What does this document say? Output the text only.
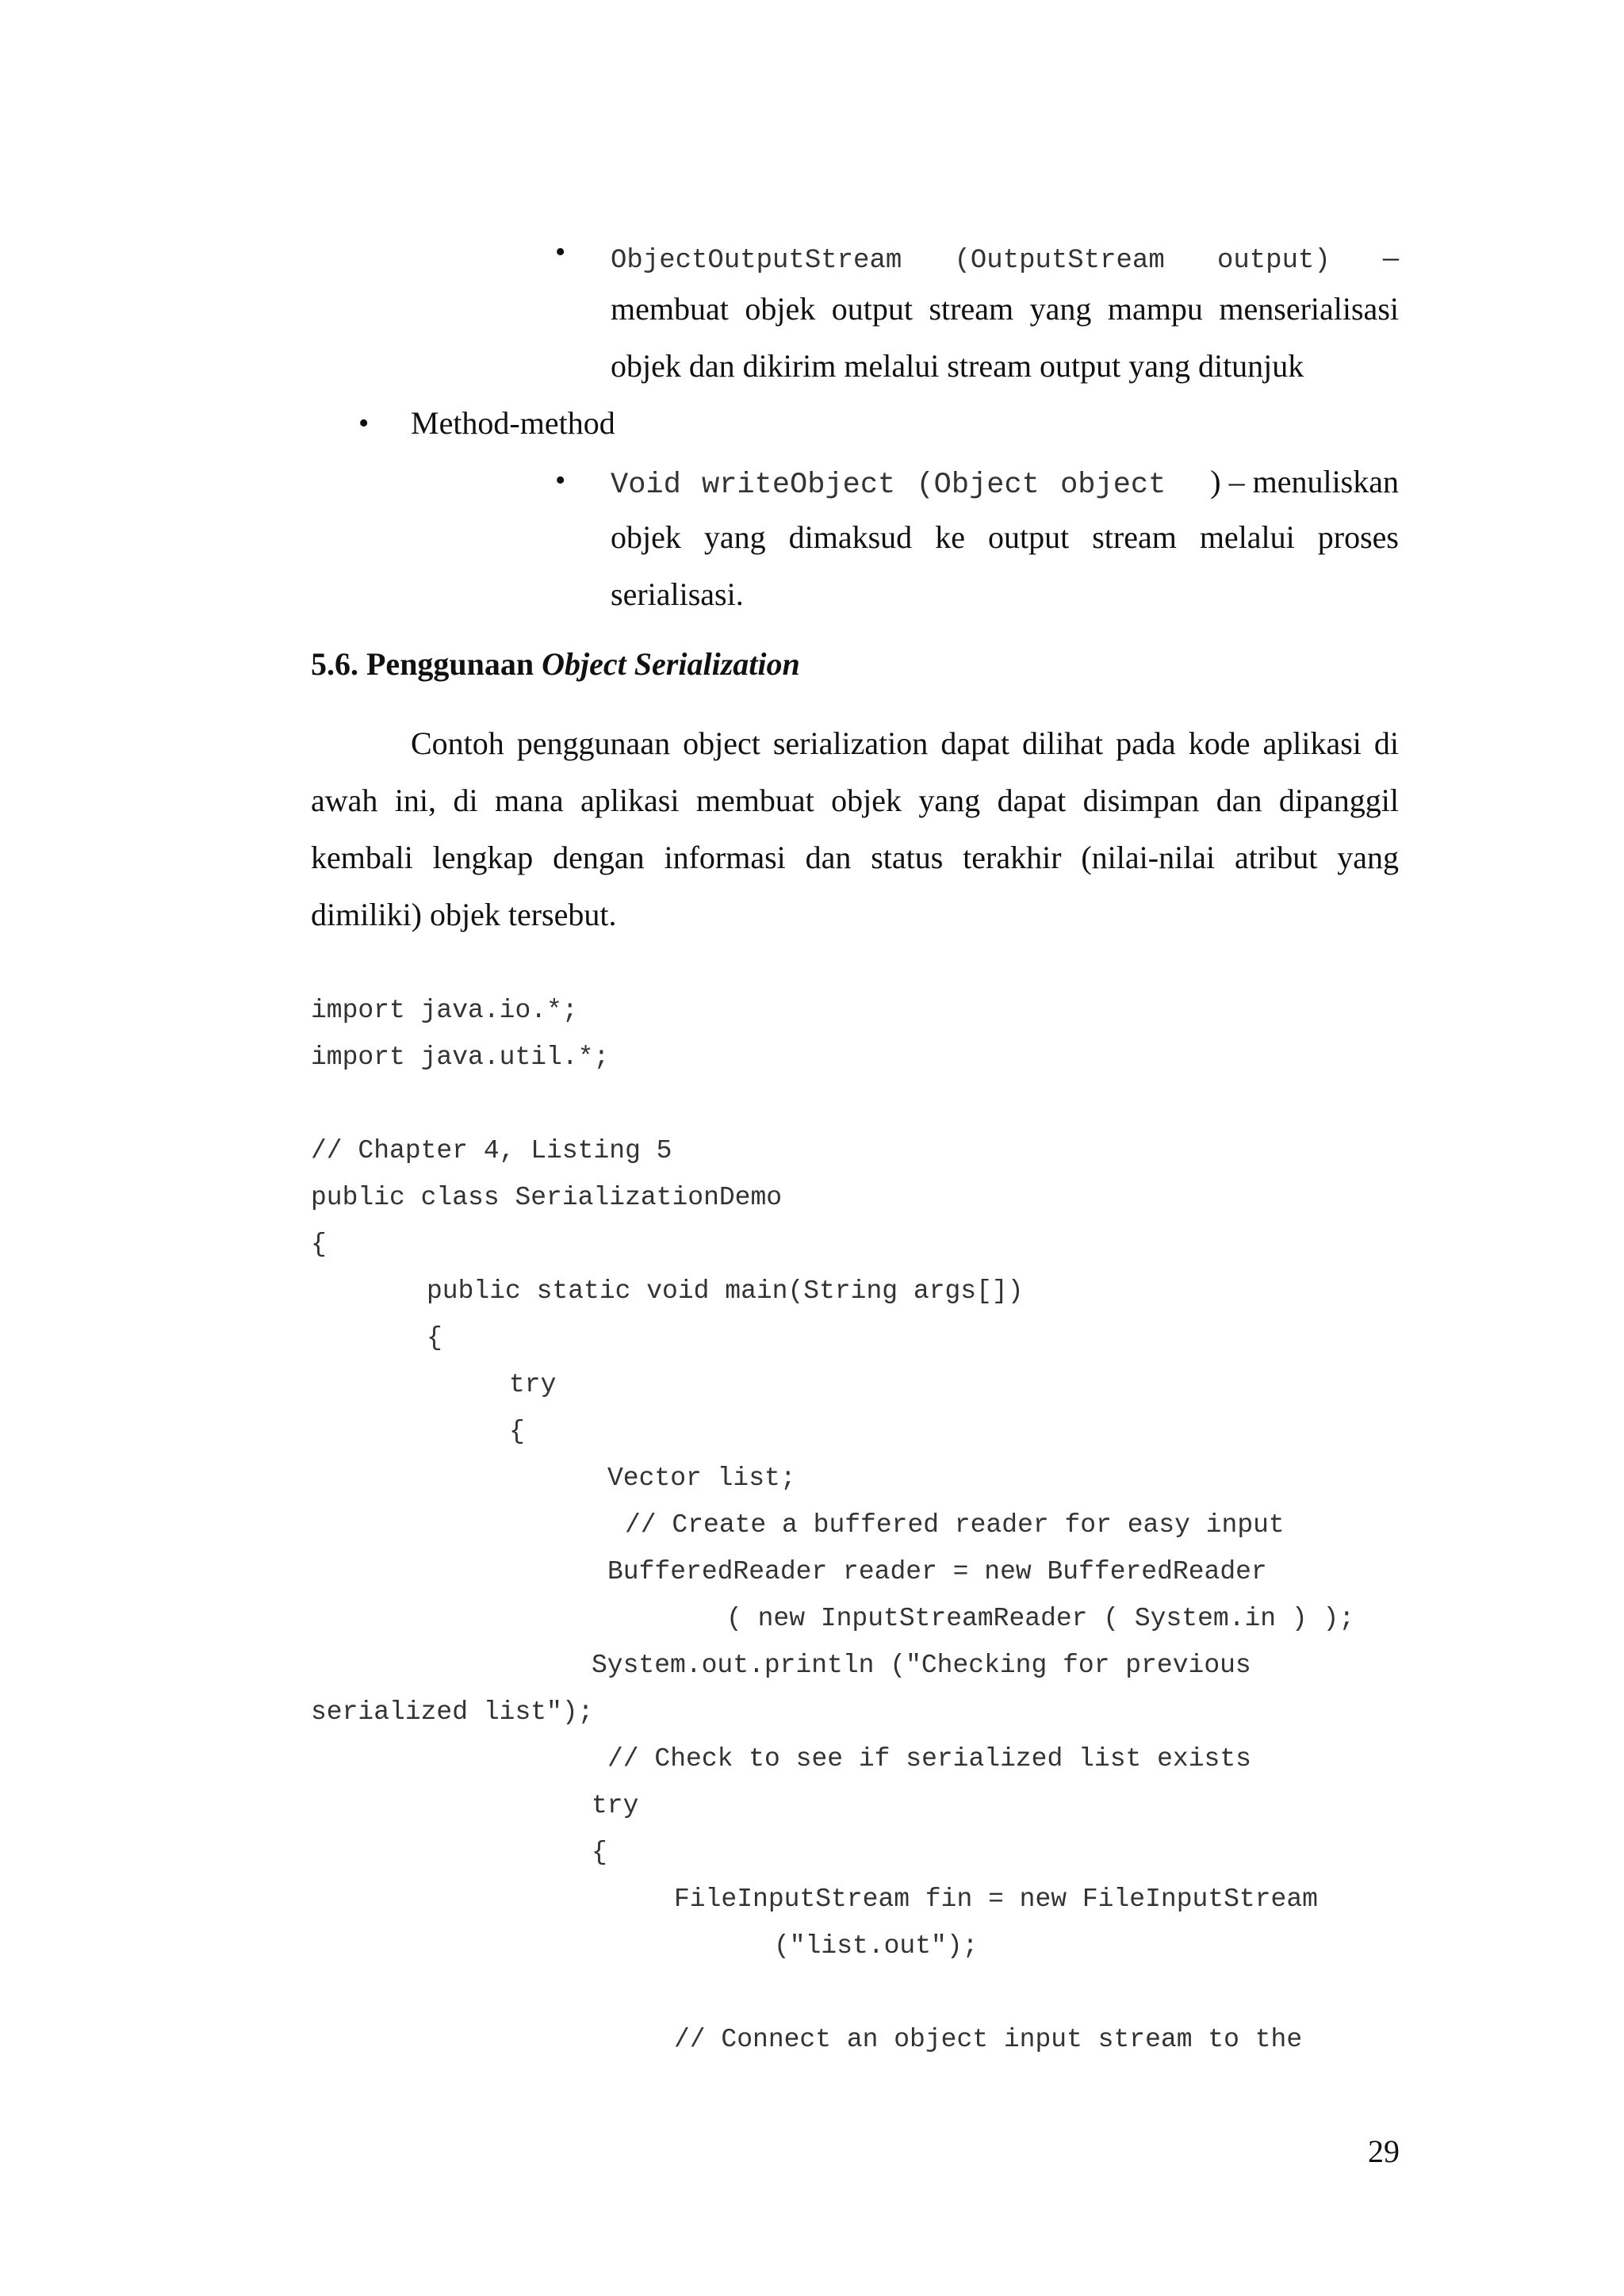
• ObjectOutputStream (OutputStream output) –
membuat objek output stream yang mampu menserialisasi
objek dan dikirim melalui stream output yang ditunjuk
• Method-method
• Void writeObject (Object object ) – menuliskan
objek yang dimaksud ke output stream melalui proses
serialisasi.
5.6. Penggunaan Object Serialization
Contoh penggunaan object serialization dapat dilihat pada kode aplikasi di
awah ini, di mana aplikasi membuat objek yang dapat disimpan dan dipanggil
kembali lengkap dengan informasi dan status terakhir (nilai-nilai atribut yang
dimiliki) objek tersebut.
import java.io.*;
import java.util.*;
// Chapter 4, Listing 5
public class SerializationDemo
{
public static void main(String args[])
{
try
{
Vector list;
// Create a buffered reader for easy input
BufferedReader reader = new BufferedReader
( new InputStreamReader ( System.in ) );
System.out.println ("Checking for previous
serialized list");
// Check to see if serialized list exists
try
{
FileInputStream fin = new FileInputStream
("list.out");
// Connect an object input stream to the
29
